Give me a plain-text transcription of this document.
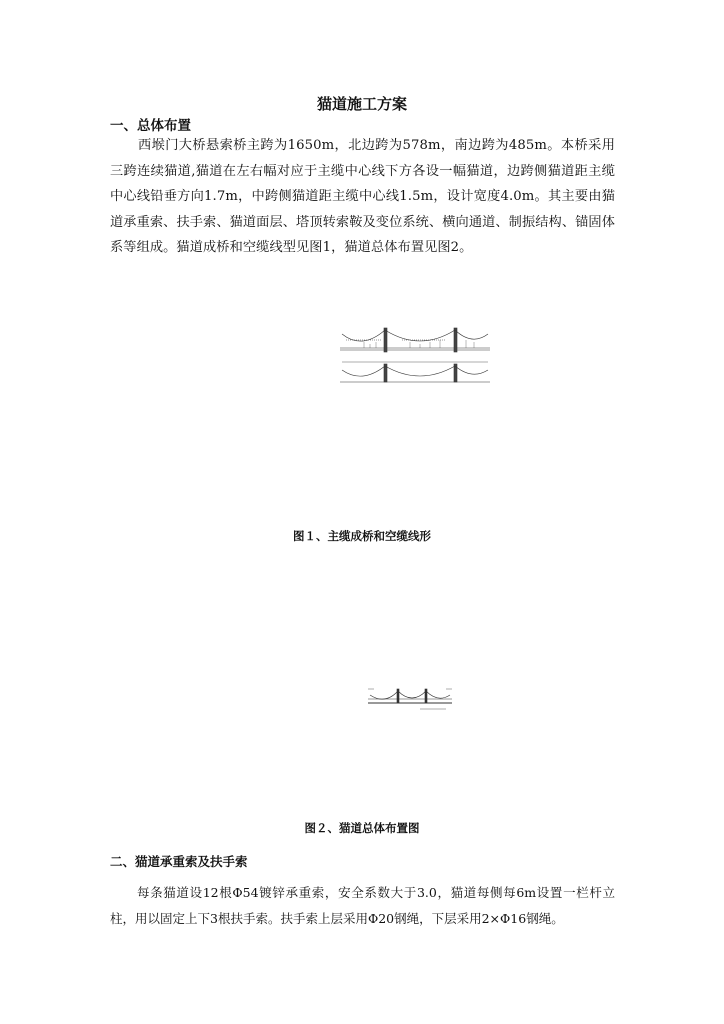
猫道施工方案
一、总体布置
西堠门大桥悬索桥主跨为1650m，北边跨为578m，南边跨为485m。本桥采用三跨连续猫道,猫道在左右幅对应于主缆中心线下方各设一幅猫道，边跨侧猫道距主缆中心线铅垂方向1.7m，中跨侧猫道距主缆中心线1.5m，设计宽度4.0m。其主要由猫道承重索、扶手索、猫道面层、塔顶转索鞍及变位系统、横向通道、制振结构、锚固体系等组成。猫道成桥和空缆线型见图1，猫道总体布置见图2。
图１、主缆成桥和空缆线形
图２、猫道总体布置图
二、猫道承重索及扶手索
每条猫道设12根Φ54镀锌承重索，安全系数大于3.0，猫道每侧每6m设置一栏杆立柱，用以固定上下3根扶手索。扶手索上层采用Φ20钢绳，下层采用2×Φ16钢绳。
